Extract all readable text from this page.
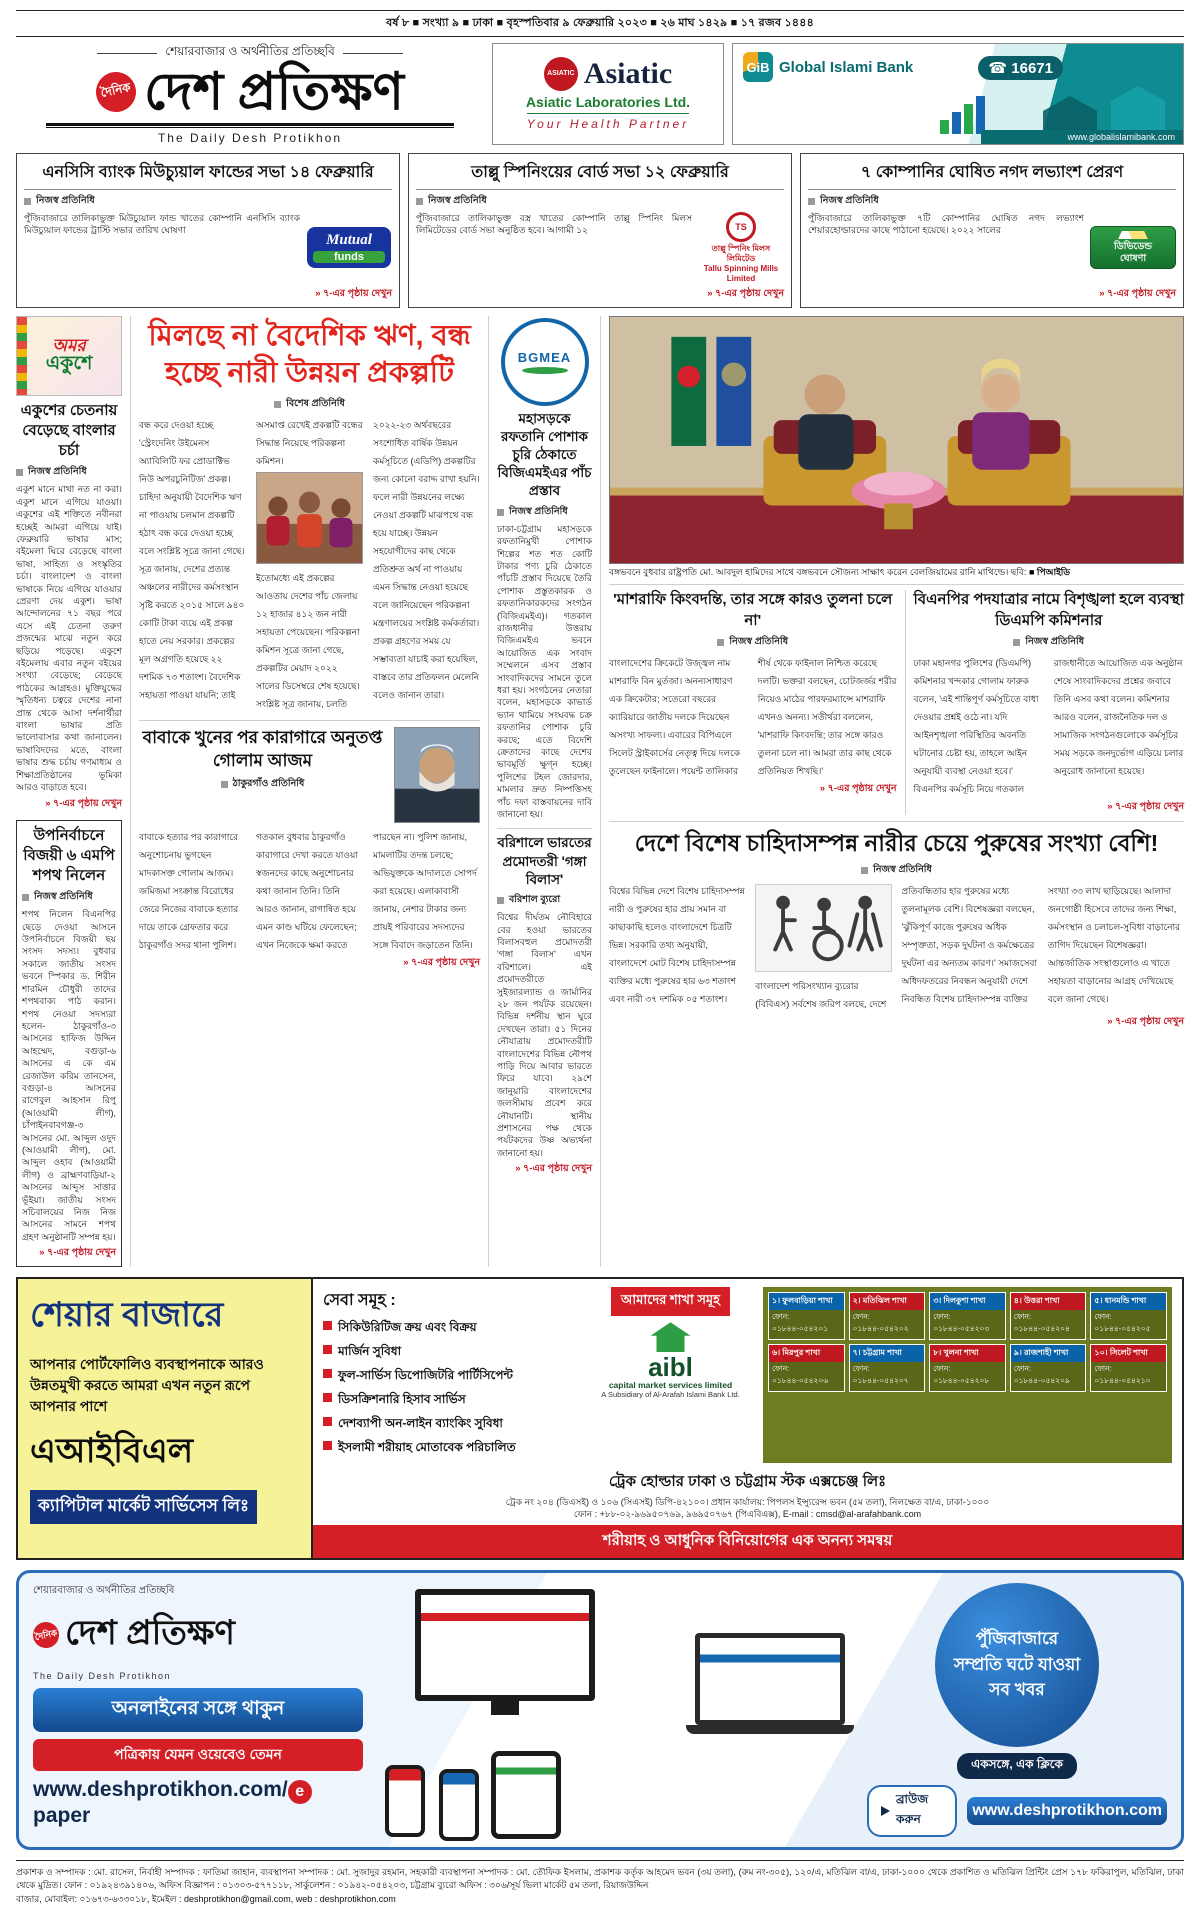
বর্ষ ৮ ■ সংখ্যা ৯ ■ ঢাকা ■ বৃহস্পতিবার ৯ ফেব্রুয়ারি ২০২৩ ■ ২৬ মাঘ ১৪২৯ ■ ১৭ রজব ১৪৪৪
শেয়ারবাজার ও অর্থনীতির প্রতিচ্ছবি
দৈনিক দেশ প্রতিক্ষণ
The Daily Desh Protikhon
ASIATIC Asiatic
Asiatic Laboratories Ltd.
Your Health Partner
GiB Global Islami Bank	☎ 16671
www.globalislamibank.com
এনসিসি ব্যাংক মিউচ্যুয়াল ফান্ডের সভা ১৪ ফেব্রুয়ারি
নিজস্ব প্রতিনিধি
পুঁজিবাজারে তালিকাভুক্ত মিউচ্যুয়াল ফান্ড খাতের কোম্পানি এনসিসি ব্যাংক মিউচ্যুয়াল ফান্ডের ট্রাস্টি সভার তারিখ ঘোষণা
Mutual
funds
» ৭-এর পৃষ্ঠায় দেখুন
তাল্লু স্পিনিংয়ের বোর্ড সভা ১২ ফেব্রুয়ারি
নিজস্ব প্রতিনিধি
পুঁজিবাজারে তালিকাভুক্ত বস্ত্র খাতের কোম্পানি তাল্লু স্পিনিং মিলস লিমিটেডের বোর্ড সভা অনুষ্ঠিত হবে। আগামী ১২	TS
তাল্লু স্পিনিং মিলস লিমিটেড
Tallu Spinning Mills Limited
» ৭-এর পৃষ্ঠায় দেখুন
৭ কোম্পানির ঘোষিত নগদ লভ্যাংশ প্রেরণ
নিজস্ব প্রতিনিধি
পুঁজিবাজারে তালিকাভুক্ত ৭টি কোম্পানির ঘোষিত নগদ লভ্যাংশ শেয়ারহোল্ডারদের কাছে পাঠানো হয়েছে। ২০২২ সালের
ডিভিডেন্ড
ঘোষণা
» ৭-এর পৃষ্ঠায় দেখুন
অমর
একুশে
একুশের চেতনায় বেড়েছে বাংলার চর্চা
নিজস্ব প্রতিনিধি
একুশ মানে মাথা নত না করা। একুশ মানে এগিয়ে যাওয়া। একুশের এই শক্তিতে নবীনরা হচ্ছেই আমরা এগিয়ে যাই। ফেব্রুয়ারি ভাষার মাস; বইমেলা ঘিরে বেড়েছে বাংলা ভাষা, সাহিত্য ও সংস্কৃতির চর্চা। বাংলাদেশ ও বাংলা ভাষাকে নিয়ে এগিয়ে যাওয়ার প্রেরণা দেয় একুশ। ভাষা আন্দোলনের ৭১ বছর পরে এসে এই চেতনা তরুণ প্রজন্মের মাঝে নতুন করে ছড়িয়ে পড়েছে। একুশে বইমেলায় এবার নতুন বইয়ের সংখ্যা বেড়েছে; বেড়েছে পাঠকের আগ্রহও। মুক্তিযুদ্ধের স্মৃতিধন্য চত্বরে দেশের নানা প্রান্ত থেকে আসা দর্শনার্থীরা বাংলা ভাষার প্রতি ভালোবাসার কথা জানালেন। ভাষাবিদদের মতে, বাংলা ভাষার শুদ্ধ চর্চায় গণমাধ্যম ও শিক্ষাপ্রতিষ্ঠানের ভূমিকা আরও বাড়াতে হবে।
» ৭-এর পৃষ্ঠায় দেখুন
উপনির্বাচনে বিজয়ী ৬ এমপি শপথ নিলেন
নিজস্ব প্রতিনিধি
শপথ নিলেন বিএনপির ছেড়ে দেওয়া আসনে উপনির্বাচনে বিজয়ী ছয় সংসদ সদস্য। বুধবার সকালে জাতীয় সংসদ ভবনে স্পিকার ড. শিরীন শারমিন চৌধুরী তাদের শপথবাক্য পাঠ করান। শপথ নেওয়া সদস্যরা হলেন- ঠাকুরগাঁও-৩ আসনের হাফিজ উদ্দিন আহম্মেদ, বগুড়া-৬ আসনের এ কে এম রেজাউল করিম তানসেন, বগুড়া-৪ আসনের রাগেবুল আহসান রিপু (আওয়ামী লীগ), চাঁপাইনবাবগঞ্জ-৩ আসনের মো. আব্দুল ওদুদ (আওয়ামী লীগ), মো. আব্দুল ওহাব (আওয়ামী লীগ) ও ব্রাহ্মণবাড়িয়া-২ আসনের আব্দুস সাত্তার ভূঁইয়া। জাতীয় সংসদ সচিবালয়ের নিজ নিজ আসনের সামনে শপথ গ্রহণ অনুষ্ঠানটি সম্পন্ন হয়।
» ৭-এর পৃষ্ঠায় দেখুন
মিলছে না বৈদেশিক ঋণ, বন্ধ হচ্ছে নারী উন্নয়ন প্রকল্পটি
বিশেষ প্রতিনিধি
বন্ধ করে দেওয়া হচ্ছে 'স্ট্রেংদেনিং উইমেনস অ্যাবিলিটি ফর প্রোডাক্টিভ নিউ অপরচুনিটিজ' প্রকল্প। চাহিদা অনুযায়ী বৈদেশিক ঋণ না পাওয়ায় চলমান প্রকল্পটি হঠাৎ বন্ধ করে দেওয়া হচ্ছে বলে সংশ্লিষ্ট সূত্রে জানা গেছে। সূত্র জানায়, দেশের প্রত্যন্ত অঞ্চলের নারীদের কর্মসংস্থান সৃষ্টি করতে ২০১৫ সালে ৯৪০ কোটি টাকা ব্যয়ে এই প্রকল্প হাতে নেয় সরকার। প্রকল্পের মূল অগ্রগতি হয়েছে ২২ দশমিক ৭৩ শতাংশ। বৈদেশিক সহায়তা পাওয়া যায়নি; তাই অসমাপ্ত রেখেই প্রকল্পটি বন্ধের সিদ্ধান্ত নিয়েছে পরিকল্পনা কমিশন।  ইতোমধ্যে এই প্রকল্পের আওতায় দেশের পাঁচ জেলায় ১২ হাজার ৪১২ জন নারী সহায়তা পেয়েছেন। পরিকল্পনা কমিশন সূত্রে জানা গেছে, প্রকল্পটির মেয়াদ ২০২২ সালের ডিসেম্বরে শেষ হয়েছে। সংশ্লিষ্ট সূত্র জানায়, চলতি ২০২২-২৩ অর্থবছরের সংশোধিত বার্ষিক উন্নয়ন কর্মসূচিতে (এডিপি) প্রকল্পটির জন্য কোনো বরাদ্দ রাখা হয়নি। ফলে নারী উন্নয়নের লক্ষ্যে নেওয়া প্রকল্পটি মাঝপথে বন্ধ হয়ে যাচ্ছে। উন্নয়ন সহযোগীদের কাছ থেকে প্রতিশ্রুত অর্থ না পাওয়ায় এমন সিদ্ধান্ত নেওয়া হয়েছে বলে জানিয়েছেন পরিকল্পনা মন্ত্রণালয়ের সংশ্লিষ্ট কর্মকর্তারা। প্রকল্প গ্রহণের সময় যে সম্ভাব্যতা যাচাই করা হয়েছিল, বাস্তবে তার প্রতিফলন মেলেনি বলেও জানান তারা।
বাবাকে খুনের পর কারাগারে অনুতপ্ত গোলাম আজম
ঠাকুরগাঁও প্রতিনিধি
বাবাকে হত্যার পর কারাগারে অনুশোচনায় ভুগছেন মাদকাসক্ত গোলাম আজম। জমিজমা সংক্রান্ত বিরোধের জেরে নিজের বাবাকে হত্যার দায়ে তাকে গ্রেফতার করে ঠাকুরগাঁও সদর থানা পুলিশ। গতকাল বুধবার ঠাকুরগাঁও কারাগারে দেখা করতে যাওয়া স্বজনদের কাছে অনুশোচনার কথা জানান তিনি। তিনি আরও জানান, রাগান্বিত হয়ে এমন কাণ্ড ঘটিয়ে ফেলেছেন; এখন নিজেকে ক্ষমা করতে পারছেন না। পুলিশ জানায়, মামলাটির তদন্ত চলছে; অভিযুক্তকে আদালতে সোপর্দ করা হয়েছে। এলাকাবাসী জানায়, নেশার টাকার জন্য প্রায়ই পরিবারের সদস্যদের সঙ্গে বিবাদে জড়াতেন তিনি।
» ৭-এর পৃষ্ঠায় দেখুন
BGMEA
মহাসড়কে রফতানি পোশাক চুরি ঠেকাতে বিজিএমইএর পাঁচ প্রস্তাব
নিজস্ব প্রতিনিধি
ঢাকা-চট্টগ্রাম মহাসড়কে রফতানিমুখী পোশাক শিল্পের শত শত কোটি টাকার পণ্য চুরি ঠেকাতে পাঁচটি প্রস্তাব দিয়েছে তৈরি পোশাক প্রস্তুতকারক ও রফতানিকারকদের সংগঠন (বিজিএমইএ)। গতকাল রাজধানীর উত্তরায় বিজিএমইএ ভবনে আয়োজিত এক সংবাদ সম্মেলনে এসব প্রস্তাব সাংবাদিকদের সামনে তুলে ধরা হয়। সংগঠনের নেতারা বলেন, মহাসড়কে কাভার্ড ভ্যান থামিয়ে সংঘবদ্ধ চক্র রফতানির পোশাক চুরি করছে; এতে বিদেশি ক্রেতাদের কাছে দেশের ভাবমূর্তি ক্ষুণ্ন হচ্ছে। পুলিশের টহল জোরদার, মামলার দ্রুত নিষ্পত্তিসহ পাঁচ দফা বাস্তবায়নের দাবি জানানো হয়।
বরিশালে ভারতের প্রমোদতরী 'গঙ্গা বিলাস'
বরিশাল ব্যুরো
বিশ্বের দীর্ঘতম নৌবিহারে বের হওয়া ভারতের বিলাসবহুল প্রমোদতরী 'গঙ্গা বিলাস' এখন বরিশালে। এই প্রমোদতরীতে সুইজারল্যান্ড ও জার্মানির ২৮ জন পর্যটক রয়েছেন। বিভিন্ন দর্শনীয় স্থান ঘুরে দেখছেন তারা। ৫১ দিনের নৌযাত্রায় প্রমোদতরীটি বাংলাদেশের বিভিন্ন নৌপথ পাড়ি দিয়ে আবার ভারতে ফিরে যাবে। ২৯শে জানুয়ারি বাংলাদেশের জলসীমায় প্রবেশ করে নৌযানটি। স্থানীয় প্রশাসনের পক্ষ থেকে পর্যটকদের উষ্ণ অভ্যর্থনা জানানো হয়।
» ৭-এর পৃষ্ঠায় দেখুন
বঙ্গভবনে বুধবার রাষ্ট্রপতি মো. আবদুল হামিদের সাথে বঙ্গভবনে সৌজন্য সাক্ষাৎ করেন বেলজিয়ামের রানি মাথিল্ডে। ছবি: ■ পিআইডি
'মাশরাফি কিংবদন্তি, তার সঙ্গে কারও তুলনা চলে না'
নিজস্ব প্রতিনিধি
বাংলাদেশের ক্রিকেটে উজ্জ্বল নাম মাশরাফি বিন মুর্তজা। অনন্যসাধারণ এক ক্রিকেটার; সতেরো বছরের ক্যারিয়ারে জাতীয় দলকে দিয়েছেন অসংখ্য সাফল্য। এবারের বিপিএলে সিলেট স্ট্রাইকার্সের নেতৃত্ব দিয়ে দলকে তুলেছেন ফাইনালে। পয়েন্ট তালিকার শীর্ষ থেকে ফাইনাল নিশ্চিত করেছে দলটি। ভক্তরা বলছেন, চোটজর্জর শরীর নিয়েও মাঠের পারফরম্যান্সে মাশরাফি এখনও অনন্য। সতীর্থরা বললেন, 'মাশরাফি কিংবদন্তি; তার সঙ্গে কারও তুলনা চলে না। আমরা তার কাছ থেকে প্রতিনিয়ত শিখছি।'
» ৭-এর পৃষ্ঠায় দেখুন
বিএনপির পদযাত্রার নামে বিশৃঙ্খলা হলে ব্যবস্থা ডিএমপি কমিশনার
নিজস্ব প্রতিনিধি
ঢাকা মহানগর পুলিশের (ডিএমপি) কমিশনার খন্দকার গোলাম ফারুক বলেন, 'এই শান্তিপূর্ণ কর্মসূচিতে বাধা দেওয়ার প্রশ্নই ওঠে না। যদি আইনশৃঙ্খলা পরিস্থিতির অবনতি ঘটানোর চেষ্টা হয়, তাহলে আইন অনুযায়ী ব্যবস্থা নেওয়া হবে।' বিএনপির কর্মসূচি নিয়ে গতকাল রাজধানীতে আয়োজিত এক অনুষ্ঠান শেষে সাংবাদিকদের প্রশ্নের জবাবে তিনি এসব কথা বলেন। কমিশনার আরও বলেন, রাজনৈতিক দল ও সামাজিক সংগঠনগুলোকে কর্মসূচির সময় সড়কে জনদুর্ভোগ এড়িয়ে চলার অনুরোধ জানানো হয়েছে।
» ৭-এর পৃষ্ঠায় দেখুন
দেশে বিশেষ চাহিদাসম্পন্ন নারীর চেয়ে পুরুষের সংখ্যা বেশি!
নিজস্ব প্রতিনিধি
বিশ্বের বিভিন্ন দেশে বিশেষ চাহিদাসম্পন্ন নারী ও পুরুষের হার প্রায় সমান বা কাছাকাছি হলেও বাংলাদেশে চিত্রটি ভিন্ন। সরকারি তথ্য অনুযায়ী, বাংলাদেশে মোট বিশেষ চাহিদাসম্পন্ন ব্যক্তির মধ্যে পুরুষের হার ৬৩ শতাংশ এবং নারী ৩৭ দশমিক ০৫ শতাংশ।  বাংলাদেশ পরিসংখ্যান ব্যুরোর (বিবিএস) সর্বশেষ জরিপ বলছে, দেশে প্রতিবন্ধিতার হার পুরুষের মধ্যে তুলনামূলক বেশি। বিশেষজ্ঞরা বলছেন, 'ঝুঁকিপূর্ণ কাজে পুরুষের অধিক সম্পৃক্ততা, সড়ক দুর্ঘটনা ও কর্মক্ষেত্রের দুর্ঘটনা এর অন্যতম কারণ।' সমাজসেবা অধিদফতরের নিবন্ধন অনুযায়ী দেশে নিবন্ধিত বিশেষ চাহিদাসম্পন্ন ব্যক্তির সংখ্যা ৩৩ লাখ ছাড়িয়েছে। আলাদা জনগোষ্ঠী হিসেবে তাদের জন্য শিক্ষা, কর্মসংস্থান ও চলাচল-সুবিধা বাড়ানোর তাগিদ দিয়েছেন বিশেষজ্ঞরা। আন্তর্জাতিক সংস্থাগুলোও এ খাতে সহায়তা বাড়ানোর আগ্রহ দেখিয়েছে বলে জানা গেছে।
» ৭-এর পৃষ্ঠায় দেখুন
শেয়ার বাজারে
আপনার পোর্টফোলিও ব্যবস্থাপনাকে আরও উন্নতমুখী করতে আমরা এখন নতুন রূপে আপনার পাশে
এআইবিএল
ক্যাপিটাল মার্কেট সার্ভিসেস লিঃ
সেবা সমূহ :
সিকিউরিটিজ ক্রয় এবং বিক্রয়
মার্জিন সুবিধা
ফুল-সার্ভিস ডিপোজিটরি পার্টিসিপেন্ট
ডিসক্রিশনারি হিসাব সার্ভিস
দেশব্যাপী অন-লাইন ব্যাংকিং সুবিধা
ইসলামী শরীয়াহ মোতাবেক পরিচালিত
আমাদের শাখা সমূহ
aibl
capital market services limited
A Subsidiary of Al-Arafah Islami Bank Ltd.
১। ফুলবাড়িয়া শাখা
ফোন: ০১৮৪৪-০৫৪২০১
২। মতিঝিল শাখা
ফোন: ০১৮৪৪-০৫৪২০২
৩। দিলকুশা শাখা
ফোন: ০১৮৪৪-০৫৪২০৩
৪। উত্তরা শাখা
ফোন: ০১৮৪৪-০৫৪২০৪
৫। ধানমন্ডি শাখা
ফোন: ০১৮৪৪-০৫৪২০৫
৬। মিরপুর শাখা
ফোন: ০১৮৪৪-০৫৪২০৬
৭। চট্টগ্রাম শাখা
ফোন: ০১৮৪৪-০৫৪২০৭
৮। খুলনা শাখা
ফোন: ০১৮৪৪-০৫৪২০৮
৯। রাজশাহী শাখা
ফোন: ০১৮৪৪-০৫৪২০৯
১০। সিলেট শাখা
ফোন: ০১৮৪৪-০৫৪২১০
ট্রেক হোল্ডার ঢাকা ও চট্টগ্রাম স্টক এক্সচেঞ্জ লিঃ
ট্রেক নং ২০৪ (ডিএসই) ও ১০৬ (সিএসই) ডিপি-৪২১০০। প্রধান কার্যালয়: পিপলস ইন্স্যুরেন্স ভবন (৫ম তলা), নিলক্ষেত বা/এ, ঢাকা-১০০০
ফোন : +৮৮-০২-৯৬৯৫০৭৬৯, ৯৬৯৫০৭৬৭ (পিএবিএক্স), E-mail : cmsd@al-arafahbank.com
শরীয়াহ ও আধুনিক বিনিয়োগের এক অনন্য সমন্বয়
শেয়ারবাজার ও অর্থনীতির প্রতিচ্ছবি
দৈনিক দেশ প্রতিক্ষণ
The Daily Desh Protikhon
অনলাইনের সঙ্গে থাকুন
পত্রিকায় যেমন ওয়েবেও তেমন
www.deshprotikhon.com/ epaper
পুঁজিবাজারে সম্প্রতি ঘটে যাওয়া সব খবর
একসঙ্গে, এক ক্লিকে
ব্রাউজ করুন	www.deshprotikhon.com
প্রকাশক ও সম্পাদক : মো. রাসেল, নির্বাহী সম্পাদক : ফাতিমা জাহান, ব্যবস্থাপনা সম্পাদক : মো. সুজাদুর রহমান, সহকারী ব্যবস্থাপনা সম্পাদক : মো. তৌফিক ইসলাম, প্রকাশক কর্তৃক আহমেদ ভবন (৩য় তলা), (রুম নং-৩০৫), ১২০/এ, মতিঝিল বা/এ, ঢাকা-১০০০ থেকে প্রকাশিত ও মতিঝিল প্রিন্টিং প্রেস ১৭৮ ফকিরাপুল, মতিঝিল, ঢাকা থেকে মুদ্রিত। ফোন : ০১৯২৪৩৯১৪০৬, অফিস বিজ্ঞাপন : ০১৩০৩-৫৭৭১১৮, সার্কুলেশন : ০১৯৪২-০৫৪২০৩, চট্টগ্রাম ব্যুরো অফিস : ৩০৬/সূর্য ভিলা মার্কেট ৫ম তলা, রিয়াজউদ্দিন
বাজার, মোবাইল: ০১৬৭৩-৬৩৩০১৮, ইমেইল : deshprotikhon@gmail.com, web : deshprotikhon.com
